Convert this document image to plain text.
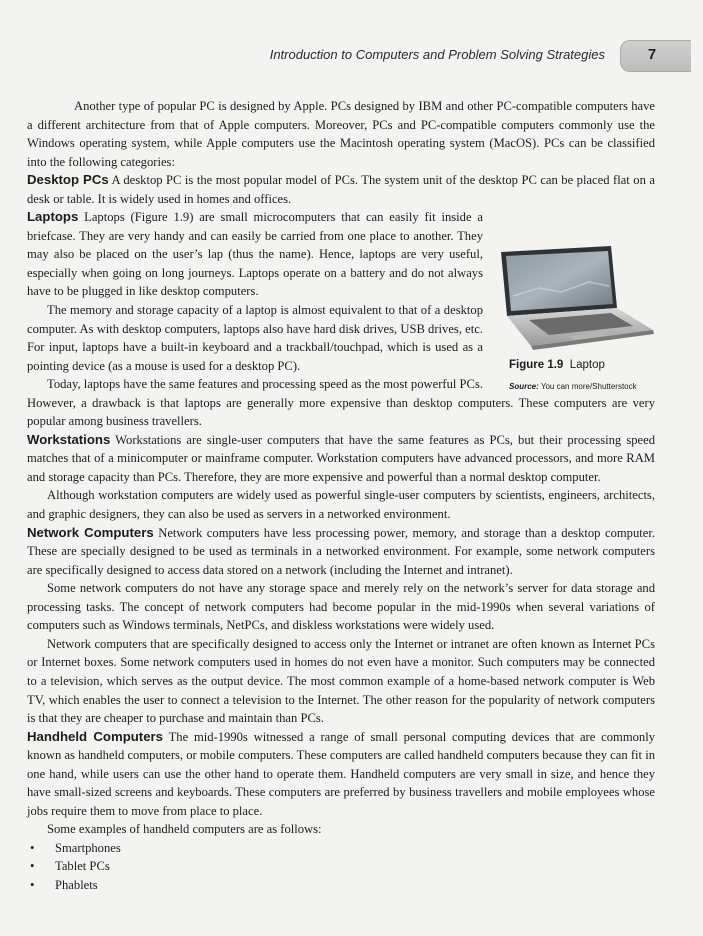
Introduction to Computers and Problem Solving Strategies	7

Another type of popular PC is designed by Apple. PCs designed by IBM and other PC-compatible computers have a different architecture from that of Apple computers. Moreover, PCs and PC-compatible computers commonly use the Windows operating system, while Apple computers use the Macintosh operating system (MacOS). PCs can be classified into the following categories:

Desktop PCs A desktop PC is the most popular model of PCs. The system unit of the desktop PC can be placed flat on a desk or table. It is widely used in homes and offices.

Figure 1.9 Laptop
Source: You can more/Shutterstock

Laptops Laptops (Figure 1.9) are small microcomputers that can easily fit inside a briefcase. They are very handy and can easily be carried from one place to another. They may also be placed on the user’s lap (thus the name). Hence, laptops are very useful, especially when going on long journeys. Laptops operate on a battery and do not always have to be plugged in like desktop computers.

The memory and storage capacity of a laptop is almost equivalent to that of a desktop computer. As with desktop computers, laptops also have hard disk drives, USB drives, etc. For input, laptops have a built-in keyboard and a trackball/touchpad, which is used as a pointing device (as a mouse is used for a desktop PC).

Today, laptops have the same features and processing speed as the most powerful PCs. However, a drawback is that laptops are generally more expensive than desktop computers. These computers are very popular among business travellers.

Workstations Workstations are single-user computers that have the same features as PCs, but their processing speed matches that of a minicomputer or mainframe computer. Workstation computers have advanced processors, and more RAM and storage capacity than PCs. Therefore, they are more expensive and powerful than a normal desktop computer.

Although workstation computers are widely used as powerful single-user computers by scientists, engineers, architects, and graphic designers, they can also be used as servers in a networked environment.

Network Computers Network computers have less processing power, memory, and storage than a desktop computer. These are specially designed to be used as terminals in a networked environment. For example, some network computers are specifically designed to access data stored on a network (including the Internet and intranet).

Some network computers do not have any storage space and merely rely on the network’s server for data storage and processing tasks. The concept of network computers had become popular in the mid-1990s when several variations of computers such as Windows terminals, NetPCs, and diskless workstations were widely used.

Network computers that are specifically designed to access only the Internet or intranet are often known as Internet PCs or Internet boxes. Some network computers used in homes do not even have a monitor. Such computers may be connected to a television, which serves as the output device. The most common example of a home-based network computer is Web TV, which enables the user to connect a television to the Internet. The other reason for the popularity of network computers is that they are cheaper to purchase and maintain than PCs.

Handheld Computers The mid-1990s witnessed a range of small personal computing devices that are commonly known as handheld computers, or mobile computers. These computers are called handheld computers because they can fit in one hand, while users can use the other hand to operate them. Handheld computers are very small in size, and hence they have small-sized screens and keyboards. These computers are preferred by business travellers and mobile employees whose jobs require them to move from place to place.

Some examples of handheld computers are as follows:

• Smartphones
• Tablet PCs
• Phablets
